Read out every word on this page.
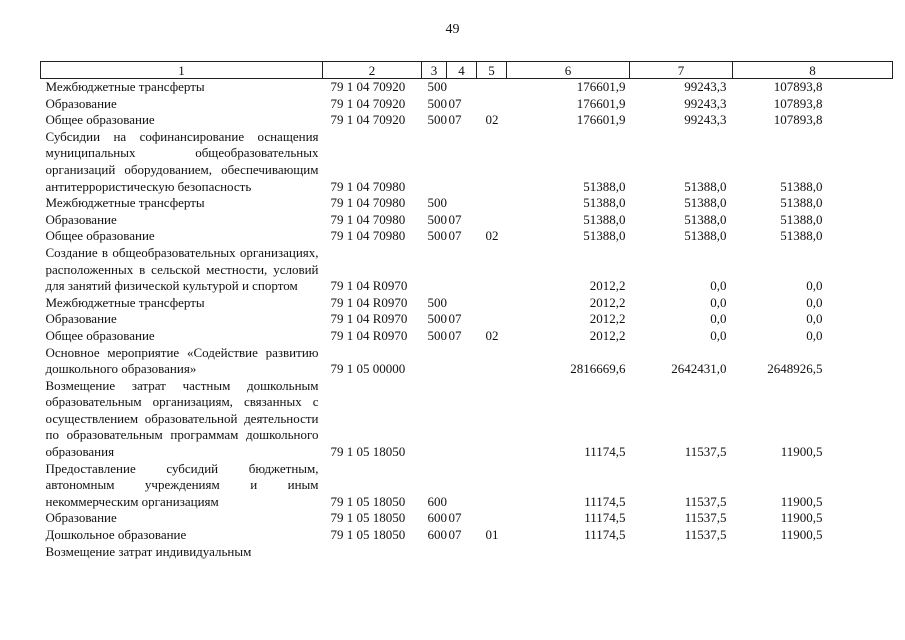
49
1	2	3	4	5	6	7	8
Межбюджетные трансферты	79 1 04 70920	500			176601,9	99243,3	107893,8
Образование	79 1 04 70920	500	07		176601,9	99243,3	107893,8
Общее образование	79 1 04 70920	500	07	02	176601,9	99243,3	107893,8
Субсидии на софинансирование оснащения муниципальных общеобразовательных организаций оборудованием, обеспечивающим антитеррористическую безопасность	79 1 04 70980				51388,0	51388,0	51388,0
Межбюджетные трансферты	79 1 04 70980	500			51388,0	51388,0	51388,0
Образование	79 1 04 70980	500	07		51388,0	51388,0	51388,0
Общее образование	79 1 04 70980	500	07	02	51388,0	51388,0	51388,0
Создание в общеобразовательных организациях, расположенных в сельской местности, условий для занятий физической культурой и спортом	79 1 04 R0970				2012,2	0,0	0,0
Межбюджетные трансферты	79 1 04 R0970	500			2012,2	0,0	0,0
Образование	79 1 04 R0970	500	07		2012,2	0,0	0,0
Общее образование	79 1 04 R0970	500	07	02	2012,2	0,0	0,0
Основное мероприятие «Содействие развитию дошкольного образования»	79 1 05 00000				2816669,6	2642431,0	2648926,5
Возмещение затрат частным дошкольным образовательным организациям, связанных с осуществлением образовательной деятельности по образовательным программам дошкольного образования	79 1 05 18050				11174,5	11537,5	11900,5
Предоставление субсидий бюджетным, автономным учреждениям и иным некоммерческим организациям	79 1 05 18050	600			11174,5	11537,5	11900,5
Образование	79 1 05 18050	600	07		11174,5	11537,5	11900,5
Дошкольное образование	79 1 05 18050	600	07	01	11174,5	11537,5	11900,5
Возмещение затрат индивидуальным							
